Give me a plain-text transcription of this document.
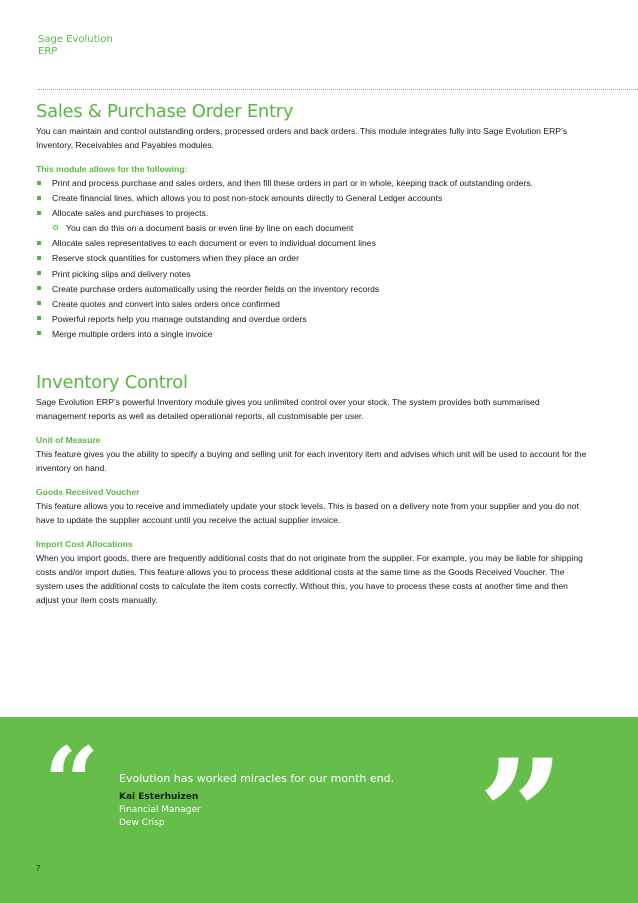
Sage Evolution
ERP
Sales & Purchase Order Entry

You can maintain and control outstanding orders, processed orders and back orders. This module integrates fully into Sage Evolution ERP’s Inventory, Receivables and Payables modules.

This module allows for the following:
Print and process purchase and sales orders, and then fill these orders in part or in whole, keeping track of outstanding orders.
Create financial lines, which allows you to post non-stock amounts directly to General Ledger accounts
Allocate sales and purchases to projects.
You can do this on a document basis or even line by line on each document
Allocate sales representatives to each document or even to individual document lines
Reserve stock quantities for customers when they place an order
Print picking slips and delivery notes
Create purchase orders automatically using the reorder fields on the inventory records
Create quotes and convert into sales orders once confirmed
Powerful reports help you manage outstanding and overdue orders
Merge multiple orders into a single invoice
Inventory Control

Sage Evolution ERP’s powerful Inventory module gives you unlimited control over your stock. The system provides both summarised management reports as well as detailed operational reports, all customisable per user.

Unit of Measure

This feature gives you the ability to specify a buying and selling unit for each inventory item and advises which unit will be used to account for the inventory on hand.

Goods Received Voucher

This feature allows you to receive and immediately update your stock levels. This is based on a delivery note from your supplier and you do not have to update the supplier account until you receive the actual supplier invoice.

Import Cost Allocations

When you import goods, there are frequently additional costs that do not originate from the supplier. For example, you may be liable for shipping costs and/or import duties. This feature allows you to process these additional costs at the same time as the Goods Received Voucher. The system uses the additional costs to calculate the item costs correctly. Without this, you have to process these costs at another time and then adjust your item costs manually.

“	”
Evolution has worked miracles for our month end.
Kai Esterhuizen
Financial Manager
Dew Crisp
7
